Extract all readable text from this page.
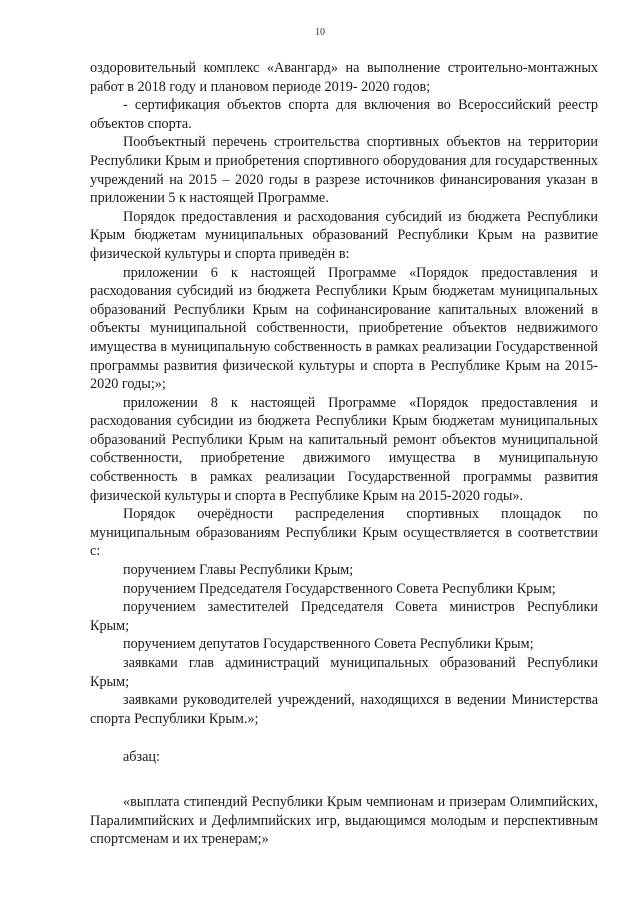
10

оздоровительный комплекс «Авангард» на выполнение строительно-монтажных работ в 2018 году и плановом периоде 2019- 2020 годов;

- сертификация объектов спорта для включения во Всероссийский реестр объектов спорта.

Пообъектный перечень строительства спортивных объектов на территории Республики Крым и приобретения спортивного оборудования для государственных учреждений на 2015 – 2020 годы в разрезе источников финансирования указан в приложении 5 к настоящей Программе.

Порядок предоставления и расходования субсидий из бюджета Республики Крым бюджетам муниципальных образований Республики Крым на развитие физической культуры и спорта приведён в:

приложении 6 к настоящей Программе «Порядок предоставления и расходования субсидий из бюджета Республики Крым бюджетам муниципальных образований Республики Крым на софинансирование капитальных вложений в объекты муниципальной собственности, приобретение объектов недвижимого имущества в муниципальную собственность в рамках реализации Государственной программы развития физической культуры и спорта в Республике Крым на 2015-2020 годы;»;

приложении 8 к настоящей Программе «Порядок предоставления и расходования субсидии из бюджета Республики Крым бюджетам муниципальных образований Республики Крым на капитальный ремонт объектов муниципальной собственности, приобретение движимого имущества в муниципальную собственность в рамках реализации Государственной программы развития физической культуры и спорта в Республике Крым на 2015-2020 годы».

Порядок очерёдности распределения спортивных площадок по муниципальным образованиям Республики Крым осуществляется в соответствии с:

поручением Главы Республики Крым;

поручением Председателя Государственного Совета Республики Крым;

поручением заместителей Председателя Совета министров Республики Крым;

поручением депутатов Государственного Совета Республики Крым;

заявками глав администраций муниципальных образований Республики Крым;

заявками руководителей учреждений, находящихся в ведении Министерства спорта Республики Крым.»;

абзац:

«выплата стипендий Республики Крым чемпионам и призерам Олимпийских, Паралимпийских и Дефлимпийских игр, выдающимся молодым и перспективным спортсменам и их тренерам;»
